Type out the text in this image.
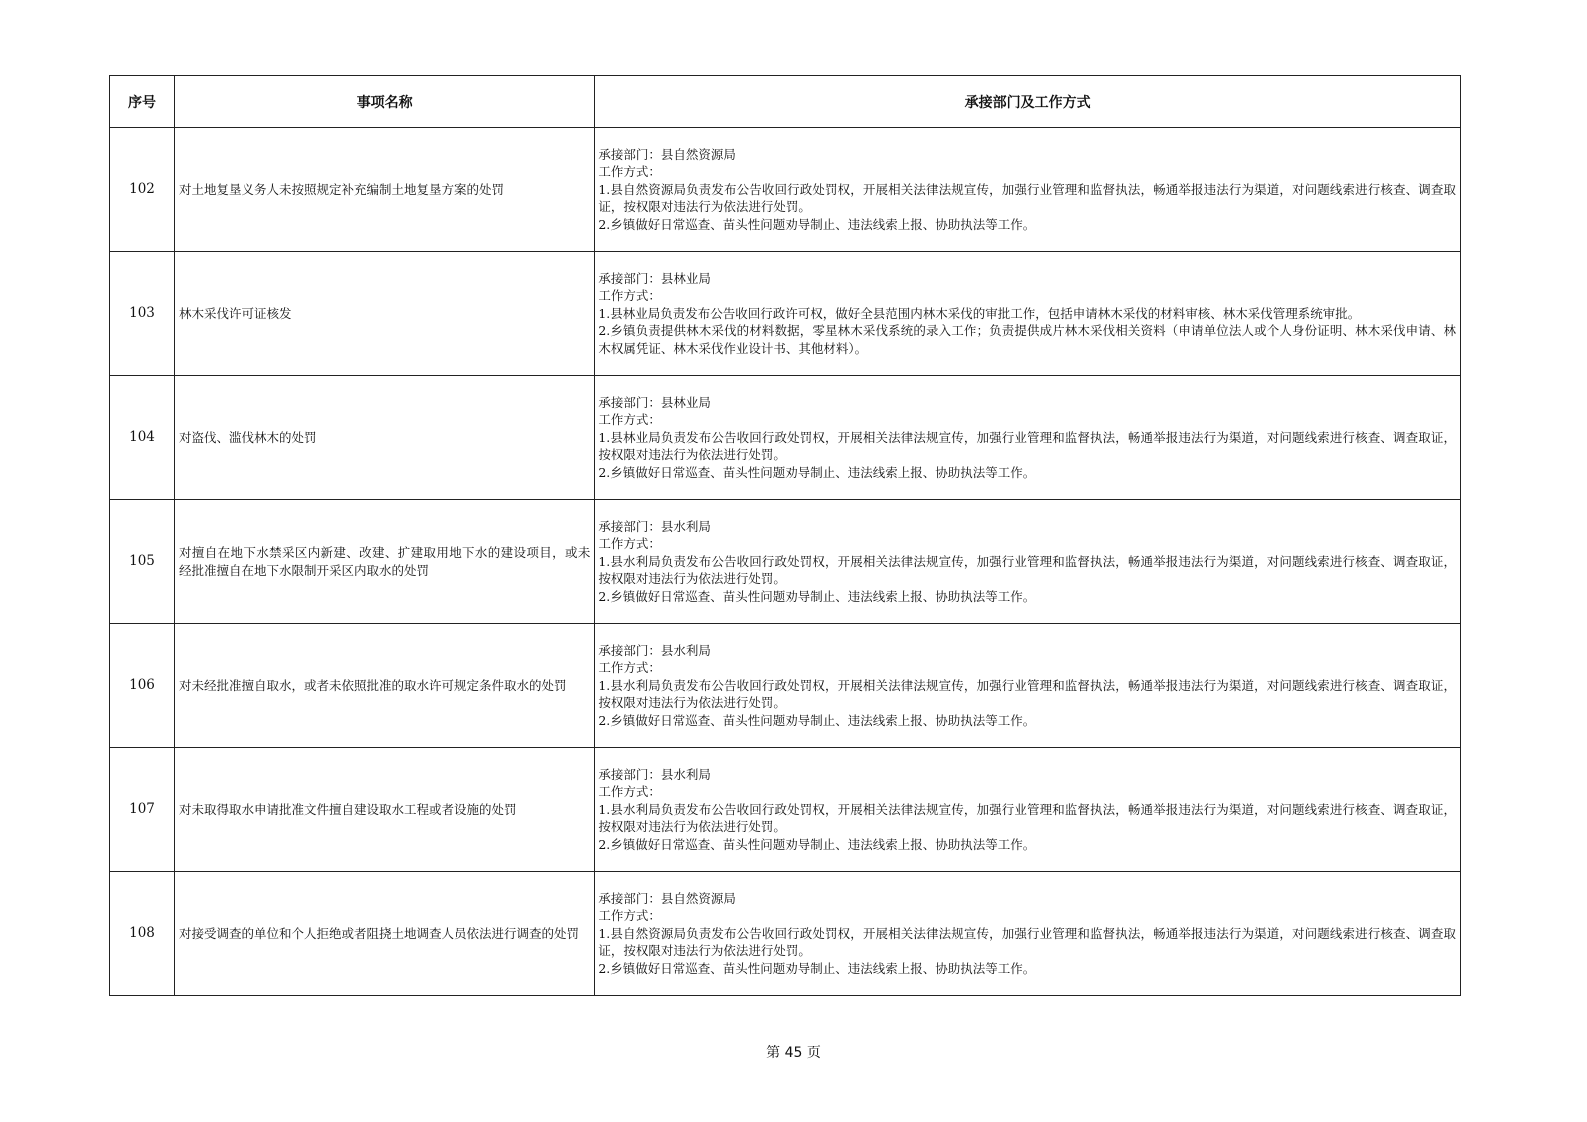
序号	事项名称	承接部门及工作方式
102	对土地复垦义务人未按照规定补充编制土地复垦方案的处罚	承接部门：县自然资源局
工作方式：
1.县自然资源局负责发布公告收回行政处罚权，开展相关法律法规宣传，加强行业管理和监督执法，畅通举报违法行为渠道，对问题线索进行核查、调查取证，按权限对违法行为依法进行处罚。
2.乡镇做好日常巡查、苗头性问题劝导制止、违法线索上报、协助执法等工作。

103	林木采伐许可证核发	承接部门：县林业局
工作方式：
1.县林业局负责发布公告收回行政许可权，做好全县范围内林木采伐的审批工作，包括申请林木采伐的材料审核、林木采伐管理系统审批。
2.乡镇负责提供林木采伐的材料数据，零星林木采伐系统的录入工作；负责提供成片林木采伐相关资料（申请单位法人或个人身份证明、林木采伐申请、林木权属凭证、林木采伐作业设计书、其他材料）。

104	对盗伐、滥伐林木的处罚	承接部门：县林业局
工作方式：
1.县林业局负责发布公告收回行政处罚权，开展相关法律法规宣传，加强行业管理和监督执法，畅通举报违法行为渠道，对问题线索进行核查、调查取证，按权限对违法行为依法进行处罚。
2.乡镇做好日常巡查、苗头性问题劝导制止、违法线索上报、协助执法等工作。

105	对擅自在地下水禁采区内新建、改建、扩建取用地下水的建设项目，或未经批准擅自在地下水限制开采区内取水的处罚	承接部门：县水利局
工作方式：
1.县水利局负责发布公告收回行政处罚权，开展相关法律法规宣传，加强行业管理和监督执法，畅通举报违法行为渠道，对问题线索进行核查、调查取证，按权限对违法行为依法进行处罚。
2.乡镇做好日常巡查、苗头性问题劝导制止、违法线索上报、协助执法等工作。

106	对未经批准擅自取水，或者未依照批准的取水许可规定条件取水的处罚	承接部门：县水利局
工作方式：
1.县水利局负责发布公告收回行政处罚权，开展相关法律法规宣传，加强行业管理和监督执法，畅通举报违法行为渠道，对问题线索进行核查、调查取证，按权限对违法行为依法进行处罚。
2.乡镇做好日常巡查、苗头性问题劝导制止、违法线索上报、协助执法等工作。

107	对未取得取水申请批准文件擅自建设取水工程或者设施的处罚	承接部门：县水利局
工作方式：
1.县水利局负责发布公告收回行政处罚权，开展相关法律法规宣传，加强行业管理和监督执法，畅通举报违法行为渠道，对问题线索进行核查、调查取证，按权限对违法行为依法进行处罚。
2.乡镇做好日常巡查、苗头性问题劝导制止、违法线索上报、协助执法等工作。

108	对接受调查的单位和个人拒绝或者阻挠土地调查人员依法进行调查的处罚	承接部门：县自然资源局
工作方式：
1.县自然资源局负责发布公告收回行政处罚权，开展相关法律法规宣传，加强行业管理和监督执法，畅通举报违法行为渠道，对问题线索进行核查、调查取证，按权限对违法行为依法进行处罚。
2.乡镇做好日常巡查、苗头性问题劝导制止、违法线索上报、协助执法等工作。
第 45 页
